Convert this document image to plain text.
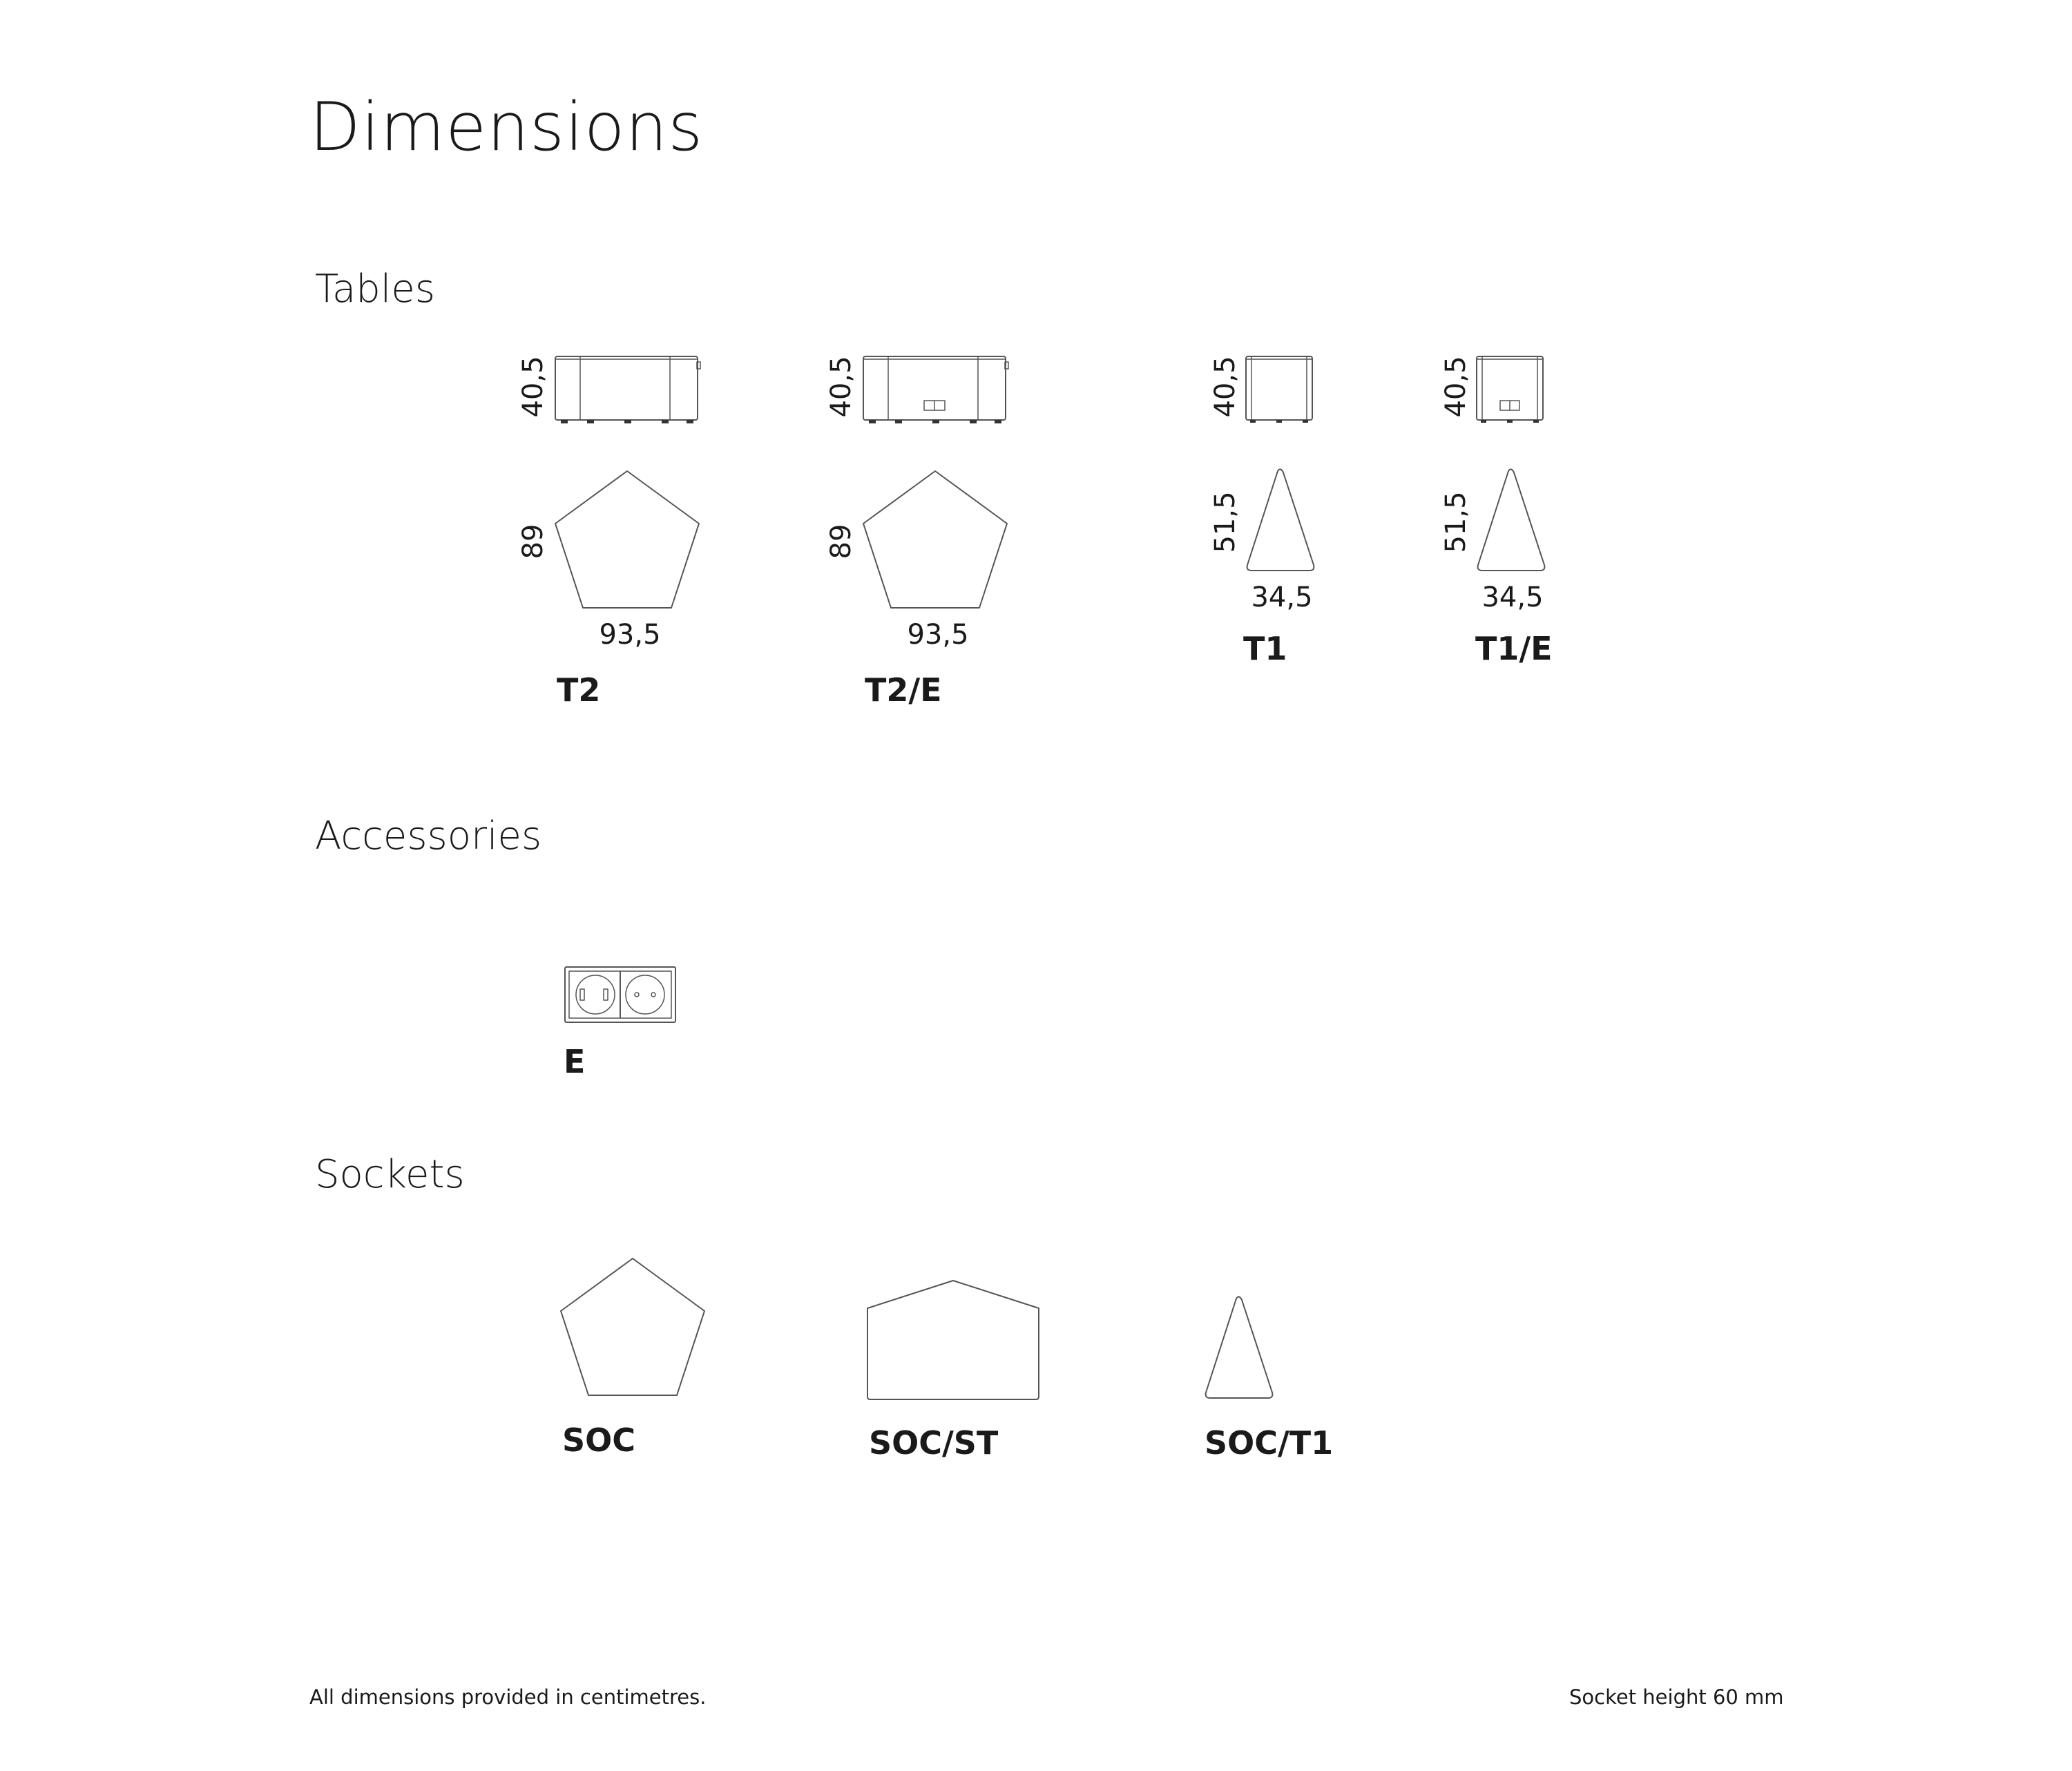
Dimensions
Tables
40,5
89
93,5
T2
40,5
89
93,5
T2/E
40,5
51,5
34,5
T1
40,5
51,5
34,5
T1/E
Accessories
E
Sockets
SOC	SOC/ST	SOC/T1
All dimensions provided in centimetres.	Socket height 60 mm
